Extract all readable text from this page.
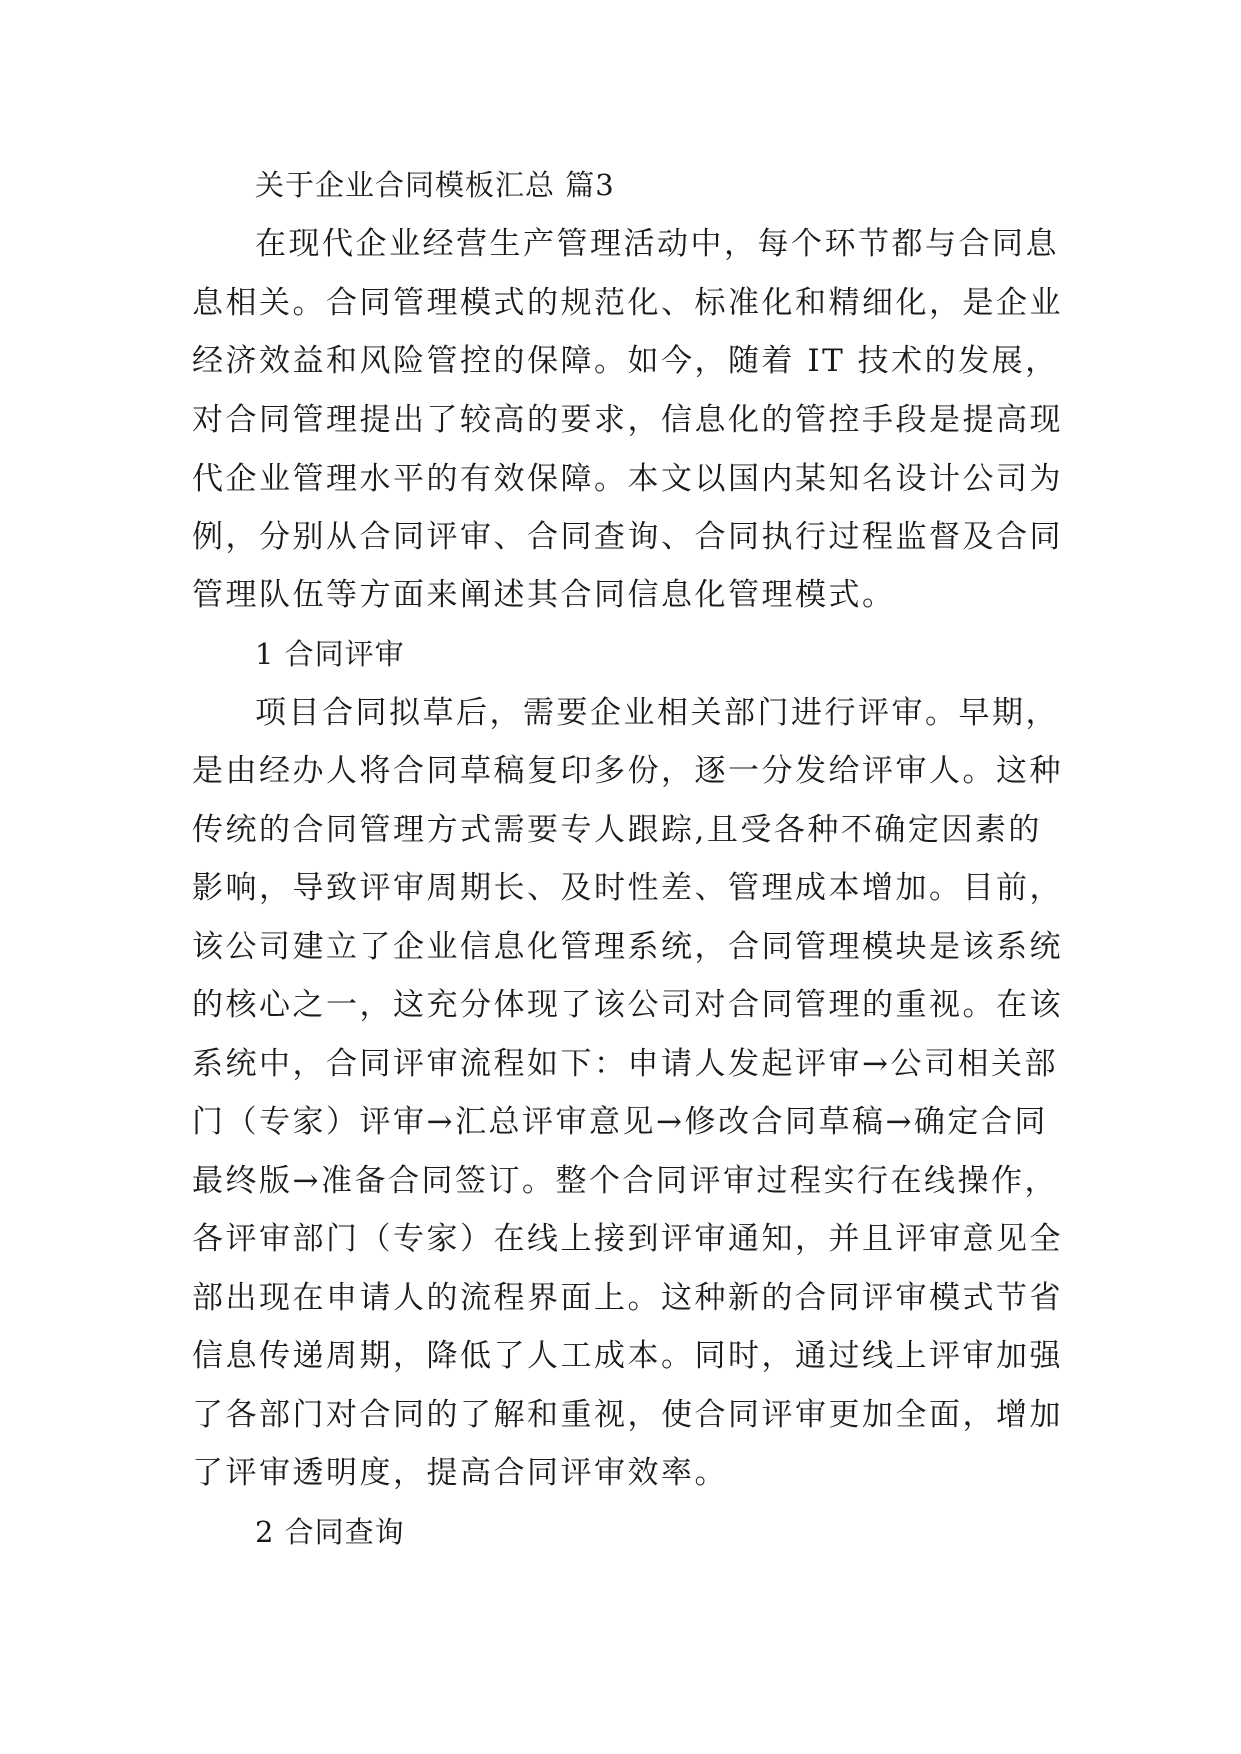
关于企业合同模板汇总 篇3
在现代企业经营生产管理活动中，每个环节都与合同息
息相关。合同管理模式的规范化、标准化和精细化，是企业
经济效益和风险管控的保障。如今，随着 IT 技术的发展，
对合同管理提出了较高的要求，信息化的管控手段是提高现
代企业管理水平的有效保障。本文以国内某知名设计公司为
例，分别从合同评审、合同查询、合同执行过程监督及合同
管理队伍等方面来阐述其合同信息化管理模式。
1 合同评审
项目合同拟草后，需要企业相关部门进行评审。早期，
是由经办人将合同草稿复印多份，逐一分发给评审人。这种
传统的合同管理方式需要专人跟踪,且受各种不确定因素的
影响，导致评审周期长、及时性差、管理成本增加。目前，
该公司建立了企业信息化管理系统，合同管理模块是该系统
的核心之一，这充分体现了该公司对合同管理的重视。在该
系统中，合同评审流程如下：申请人发起评审→公司相关部
门（专家）评审→汇总评审意见→修改合同草稿→确定合同
最终版→准备合同签订。整个合同评审过程实行在线操作，
各评审部门（专家）在线上接到评审通知，并且评审意见全
部出现在申请人的流程界面上。这种新的合同评审模式节省
信息传递周期，降低了人工成本。同时，通过线上评审加强
了各部门对合同的了解和重视，使合同评审更加全面，增加
了评审透明度，提高合同评审效率。
2 合同查询
